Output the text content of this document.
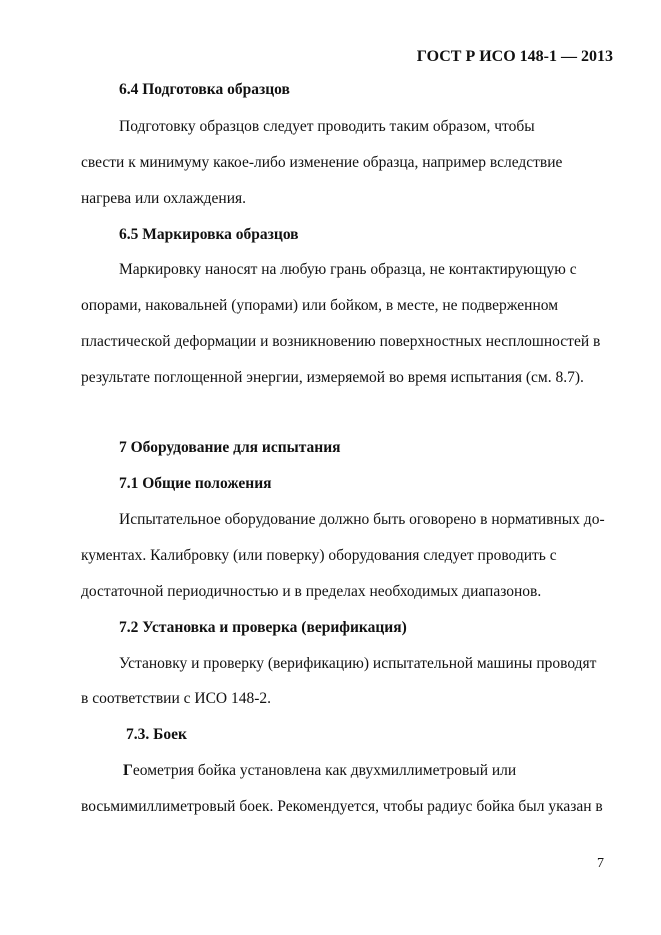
ГОСТ Р ИСО 148-1 — 2013
6.4 Подготовка образцов
Подготовку образцов следует проводить таким образом, чтобы
свести к минимуму какое-либо изменение образца, например вследствие
нагрева или охлаждения.
6.5 Маркировка образцов
Маркировку наносят на любую грань образца, не контактирующую с
опорами, наковальней (упорами) или бойком, в месте, не подверженном
пластической деформации и возникновению поверхностных несплошностей в
результате поглощенной энергии, измеряемой во время испытания (см. 8.7).
7 Оборудование для испытания
7.1 Общие положения
Испытательное оборудование должно быть оговорено в нормативных до-
кументах. Калибровку (или поверку) оборудования следует проводить с
достаточной периодичностью и в пределах необходимых диапазонов.
7.2 Установка и проверка (верификация)
Установку и проверку (верификацию) испытательной машины проводят
в соответствии с ИСО 148-2.
7.3. Боек
Геометрия бойка установлена как двухмиллиметровый или
восьмимиллиметровый боек. Рекомендуется, чтобы радиус бойка был указан в
7
